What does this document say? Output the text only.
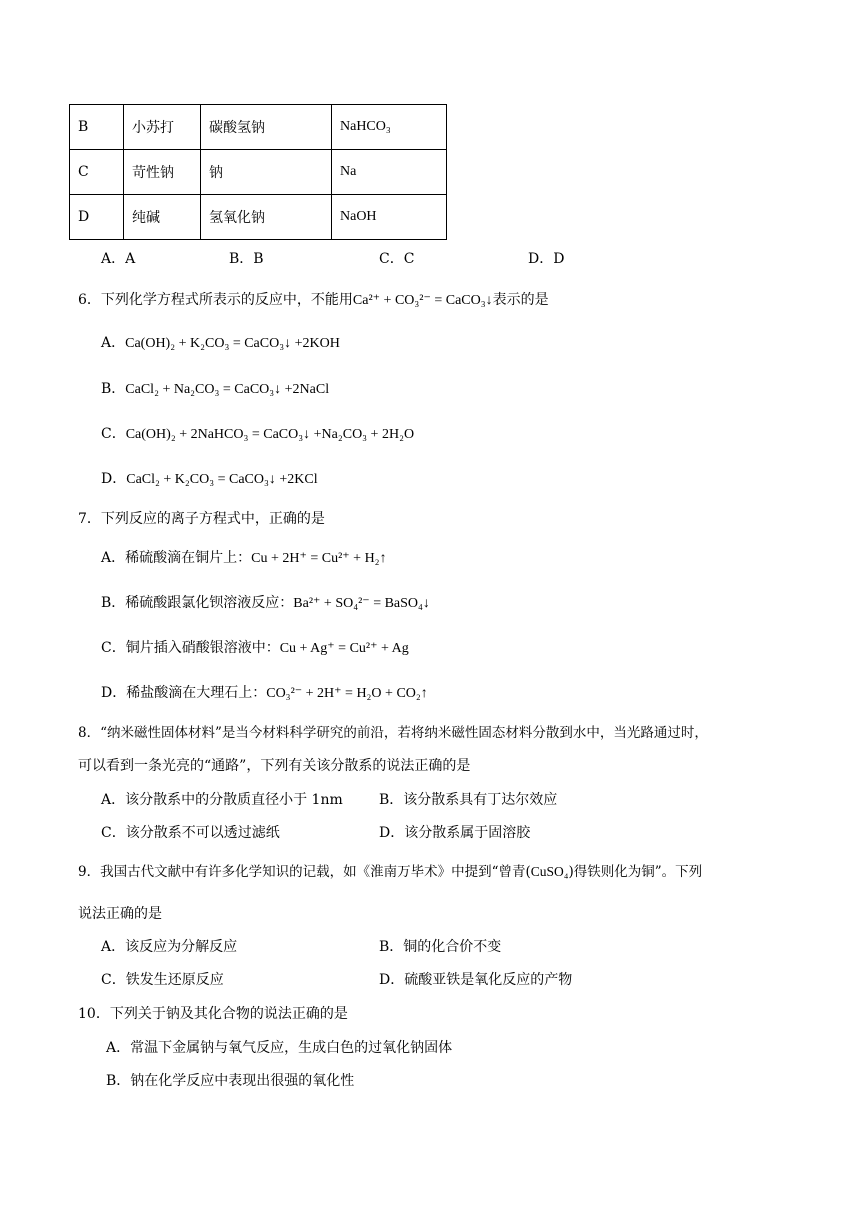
B	小苏打	碳酸氢钠	NaHCO₃
C	苛性钠	钠	Na
D	纯碱	氢氧化钠	NaOH
A．A	B．B	C．C	D．D
6．下列化学方程式所表示的反应中，不能用Ca²⁺ + CO₃²⁻ = CaCO₃↓表示的是
A．Ca(OH)₂ + K₂CO₃ = CaCO₃↓ +2KOH
B．CaCl₂ + Na₂CO₃ = CaCO₃↓ +2NaCl
C．Ca(OH)₂ + 2NaHCO₃ = CaCO₃↓ +Na₂CO₃ + 2H₂O
D．CaCl₂ + K₂CO₃ = CaCO₃↓ +2KCl
7．下列反应的离子方程式中，正确的是
A．稀硫酸滴在铜片上：Cu + 2H⁺ = Cu²⁺ + H₂↑
B．稀硫酸跟氯化钡溶液反应：Ba²⁺ + SO₄²⁻ = BaSO₄↓
C．铜片插入硝酸银溶液中：Cu + Ag⁺ = Cu²⁺ + Ag
D．稀盐酸滴在大理石上：CO₃²⁻ + 2H⁺ = H₂O + CO₂↑
8．“纳米磁性固体材料”是当今材料科学研究的前沿，若将纳米磁性固态材料分散到水中，当光路通过时，
可以看到一条光亮的“通路”，下列有关该分散系的说法正确的是
A．该分散系中的分散质直径小于 1nm	B．该分散系具有丁达尔效应
C．该分散系不可以透过滤纸	D．该分散系属于固溶胶
9．我国古代文献中有许多化学知识的记载，如《淮南万毕术》中提到“曾青(CuSO₄)得铁则化为铜”。下列
说法正确的是
A．该反应为分解反应	B．铜的化合价不变
C．铁发生还原反应	D．硫酸亚铁是氧化反应的产物
10．下列关于钠及其化合物的说法正确的是
A．常温下金属钠与氧气反应，生成白色的过氧化钠固体
B．钠在化学反应中表现出很强的氧化性
